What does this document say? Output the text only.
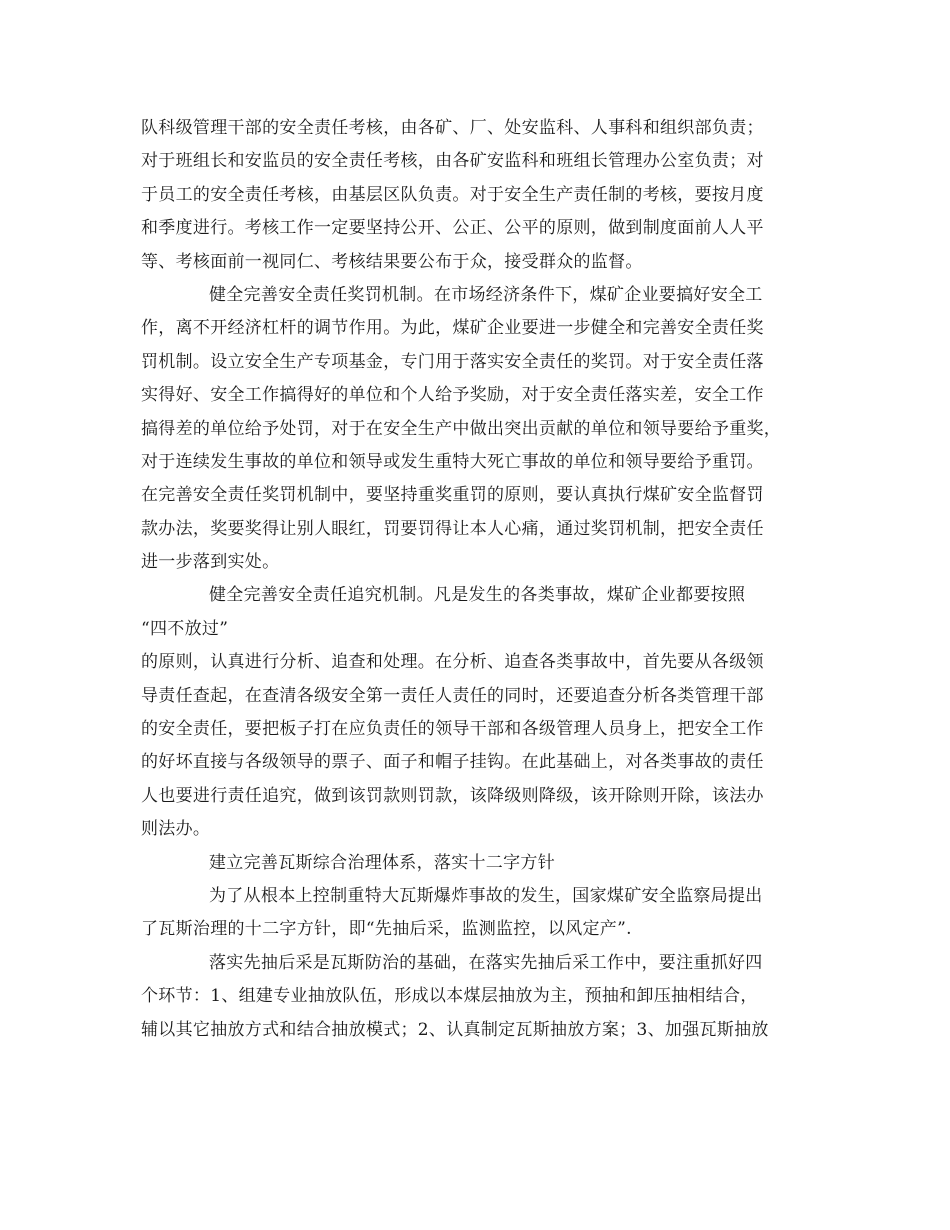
队科级管理干部的安全责任考核，由各矿、厂、处安监科、人事科和组织部负责；
对于班组长和安监员的安全责任考核，由各矿安监科和班组长管理办公室负责；对
于员工的安全责任考核，由基层区队负责。对于安全生产责任制的考核，要按月度
和季度进行。考核工作一定要坚持公开、公正、公平的原则，做到制度面前人人平
等、考核面前一视同仁、考核结果要公布于众，接受群众的监督。
健全完善安全责任奖罚机制。在市场经济条件下，煤矿企业要搞好安全工
作，离不开经济杠杆的调节作用。为此，煤矿企业要进一步健全和完善安全责任奖
罚机制。设立安全生产专项基金，专门用于落实安全责任的奖罚。对于安全责任落
实得好、安全工作搞得好的单位和个人给予奖励，对于安全责任落实差，安全工作
搞得差的单位给予处罚，对于在安全生产中做出突出贡献的单位和领导要给予重奖，
对于连续发生事故的单位和领导或发生重特大死亡事故的单位和领导要给予重罚。
在完善安全责任奖罚机制中，要坚持重奖重罚的原则，要认真执行煤矿安全监督罚
款办法，奖要奖得让别人眼红，罚要罚得让本人心痛，通过奖罚机制，把安全责任
进一步落到实处。
健全完善安全责任追究机制。凡是发生的各类事故，煤矿企业都要按照
“四不放过”
的原则，认真进行分析、追查和处理。在分析、追查各类事故中，首先要从各级领
导责任查起，在查清各级安全第一责任人责任的同时，还要追查分析各类管理干部
的安全责任，要把板子打在应负责任的领导干部和各级管理人员身上，把安全工作
的好坏直接与各级领导的票子、面子和帽子挂钩。在此基础上，对各类事故的责任
人也要进行责任追究，做到该罚款则罚款，该降级则降级，该开除则开除，该法办
则法办。
建立完善瓦斯综合治理体系，落实十二字方针
为了从根本上控制重特大瓦斯爆炸事故的发生，国家煤矿安全监察局提出
了瓦斯治理的十二字方针，即“先抽后采，监测监控，以风定产”.
落实先抽后采是瓦斯防治的基础，在落实先抽后采工作中，要注重抓好四
个环节：1、组建专业抽放队伍，形成以本煤层抽放为主，预抽和卸压抽相结合，
辅以其它抽放方式和结合抽放模式；2、认真制定瓦斯抽放方案；3、加强瓦斯抽放
